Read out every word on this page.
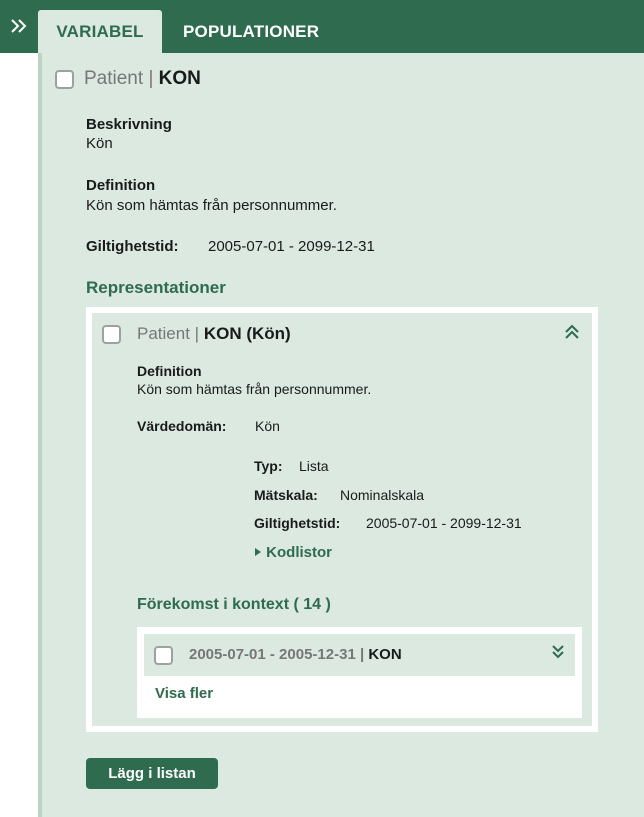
VARIABEL	POPULATIONER
Patient | KON
Beskrivning
Kön
Definition
Kön som hämtas från personnummer.
Giltighetstid: 2005-07-01 - 2099-12-31
Representationer
Patient | KON (Kön)
Definition
Kön som hämtas från personnummer.
Värdedomän: Kön
Typ: Lista
Mätskala: Nominalskala
Giltighetstid: 2005-07-01 - 2099-12-31
Kodlistor
Förekomst i kontext ( 14 )
2005-07-01 - 2005-12-31 | KON
Visa fler
Lägg i listan
